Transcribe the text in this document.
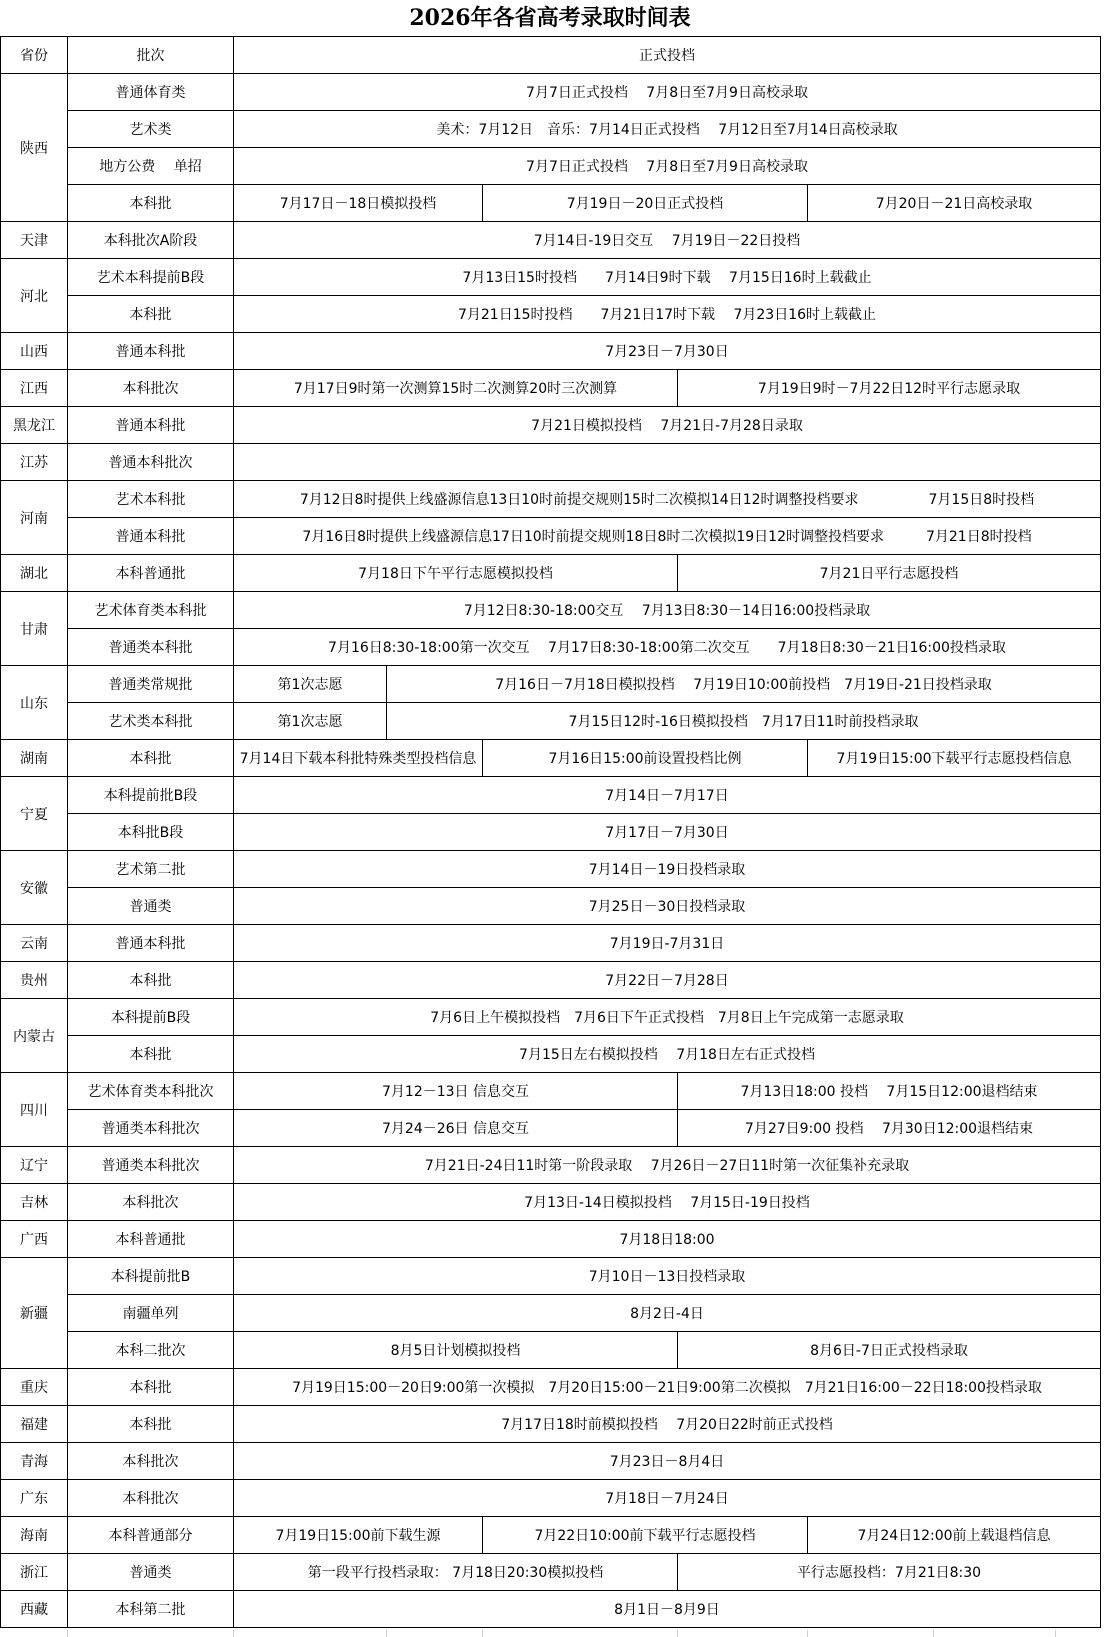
2026年各省高考录取时间表
省份	批次	正式投档				
陕西	普通体育类	7月7日正式投档　 7月8日至7月9日高校录取				
	艺术类	美术：7月12日　音乐：7月14日正式投档　 7月12日至7月14日高校录取				
	地方公费　 单招	7月7日正式投档　 7月8日至7月9日高校录取				
	本科批	7月17日－18日模拟投档		7月19日－20日正式投档		7月20日－21日高校录取
天津	本科批次A阶段	7月14日-19日交互　 7月19日－22日投档				
河北	艺术本科提前B段	7月13日15时投档　　7月14日9时下载　 7月15日16时上载截止				
	本科批	7月21日15时投档　　7月21日17时下载　 7月23日16时上载截止				
山西	普通本科批	7月23日－7月30日				
江西	本科批次	7月17日9时第一次测算15时二次测算20时三次测算			7月19日9时－7月22日12时平行志愿录取	
黑龙江	普通本科批	7月21日模拟投档　 7月21日-7月28日录取				
江苏	普通本科批次					
河南	艺术本科批	7月12日8时提供上线盛源信息13日10时前提交规则15时二次模拟14日12时调整投档要求　　　　　7月15日8时投档				
	普通本科批	7月16日8时提供上线盛源信息17日10时前提交规则18日8时二次模拟19日12时调整投档要求　　　7月21日8时投档				
湖北	本科普通批	7月18日下午平行志愿模拟投档			7月21日平行志愿投档	
甘肃	艺术体育类本科批	7月12日8:30-18:00交互　 7月13日8:30－14日16:00投档录取				
	普通类本科批	7月16日8:30-18:00第一次交互　 7月17日8:30-18:00第二次交互　　7月18日8:30－21日16:00投档录取				
山东	普通类常规批	第1次志愿	7月16日－7月18日模拟投档　 7月19日10:00前投档　7月19日-21日投档录取			
	艺术类本科批	第1次志愿	7月15日12时-16日模拟投档　7月17日11时前投档录取			
湖南	本科批	7月14日下载本科批特殊类型投档信息		7月16日15:00前设置投档比例		7月19日15:00下载平行志愿投档信息
宁夏	本科提前批B段	7月14日－7月17日				
	本科批B段	7月17日－7月30日				
安徽	艺术第二批	7月14日－19日投档录取				
	普通类	7月25日－30日投档录取				
云南	普通本科批	7月19日-7月31日				
贵州	本科批	7月22日－7月28日				
内蒙古	本科提前B段	7月6日上午模拟投档　7月6日下午正式投档　7月8日上午完成第一志愿录取				
	本科批	7月15日左右模拟投档　 7月18日左右正式投档				
四川	艺术体育类本科批次	7月12－13日 信息交互			7月13日18:00 投档　 7月15日12:00退档结束	
	普通类本科批次	7月24－26日 信息交互			7月27日9:00 投档　 7月30日12:00退档结束	
辽宁	普通类本科批次	7月21日-24日11时第一阶段录取　 7月26日－27日11时第一次征集补充录取				
吉林	本科批次	7月13日-14日模拟投档　 7月15日-19日投档				
广西	本科普通批	7月18日18:00				
新疆	本科提前批B	7月10日－13日投档录取				
	南疆单列	8月2日-4日				
	本科二批次	8月5日计划模拟投档			8月6日-7日正式投档录取	
重庆	本科批	7月19日15:00－20日9:00第一次模拟　7月20日15:00－21日9:00第二次模拟　7月21日16:00－22日18:00投档录取				
福建	本科批	7月17日18时前模拟投档　 7月20日22时前正式投档				
青海	本科批次	7月23日－8月4日				
广东	本科批次	7月18日－7月24日				
海南	本科普通部分	7月19日15:00前下载生源		7月22日10:00前下载平行志愿投档		7月24日12:00前上载退档信息
浙江	普通类	第一段平行投档录取： 7月18日20:30模拟投档			平行志愿投档：7月21日8:30	
西藏	本科第二批	8月1日－8月9日				
